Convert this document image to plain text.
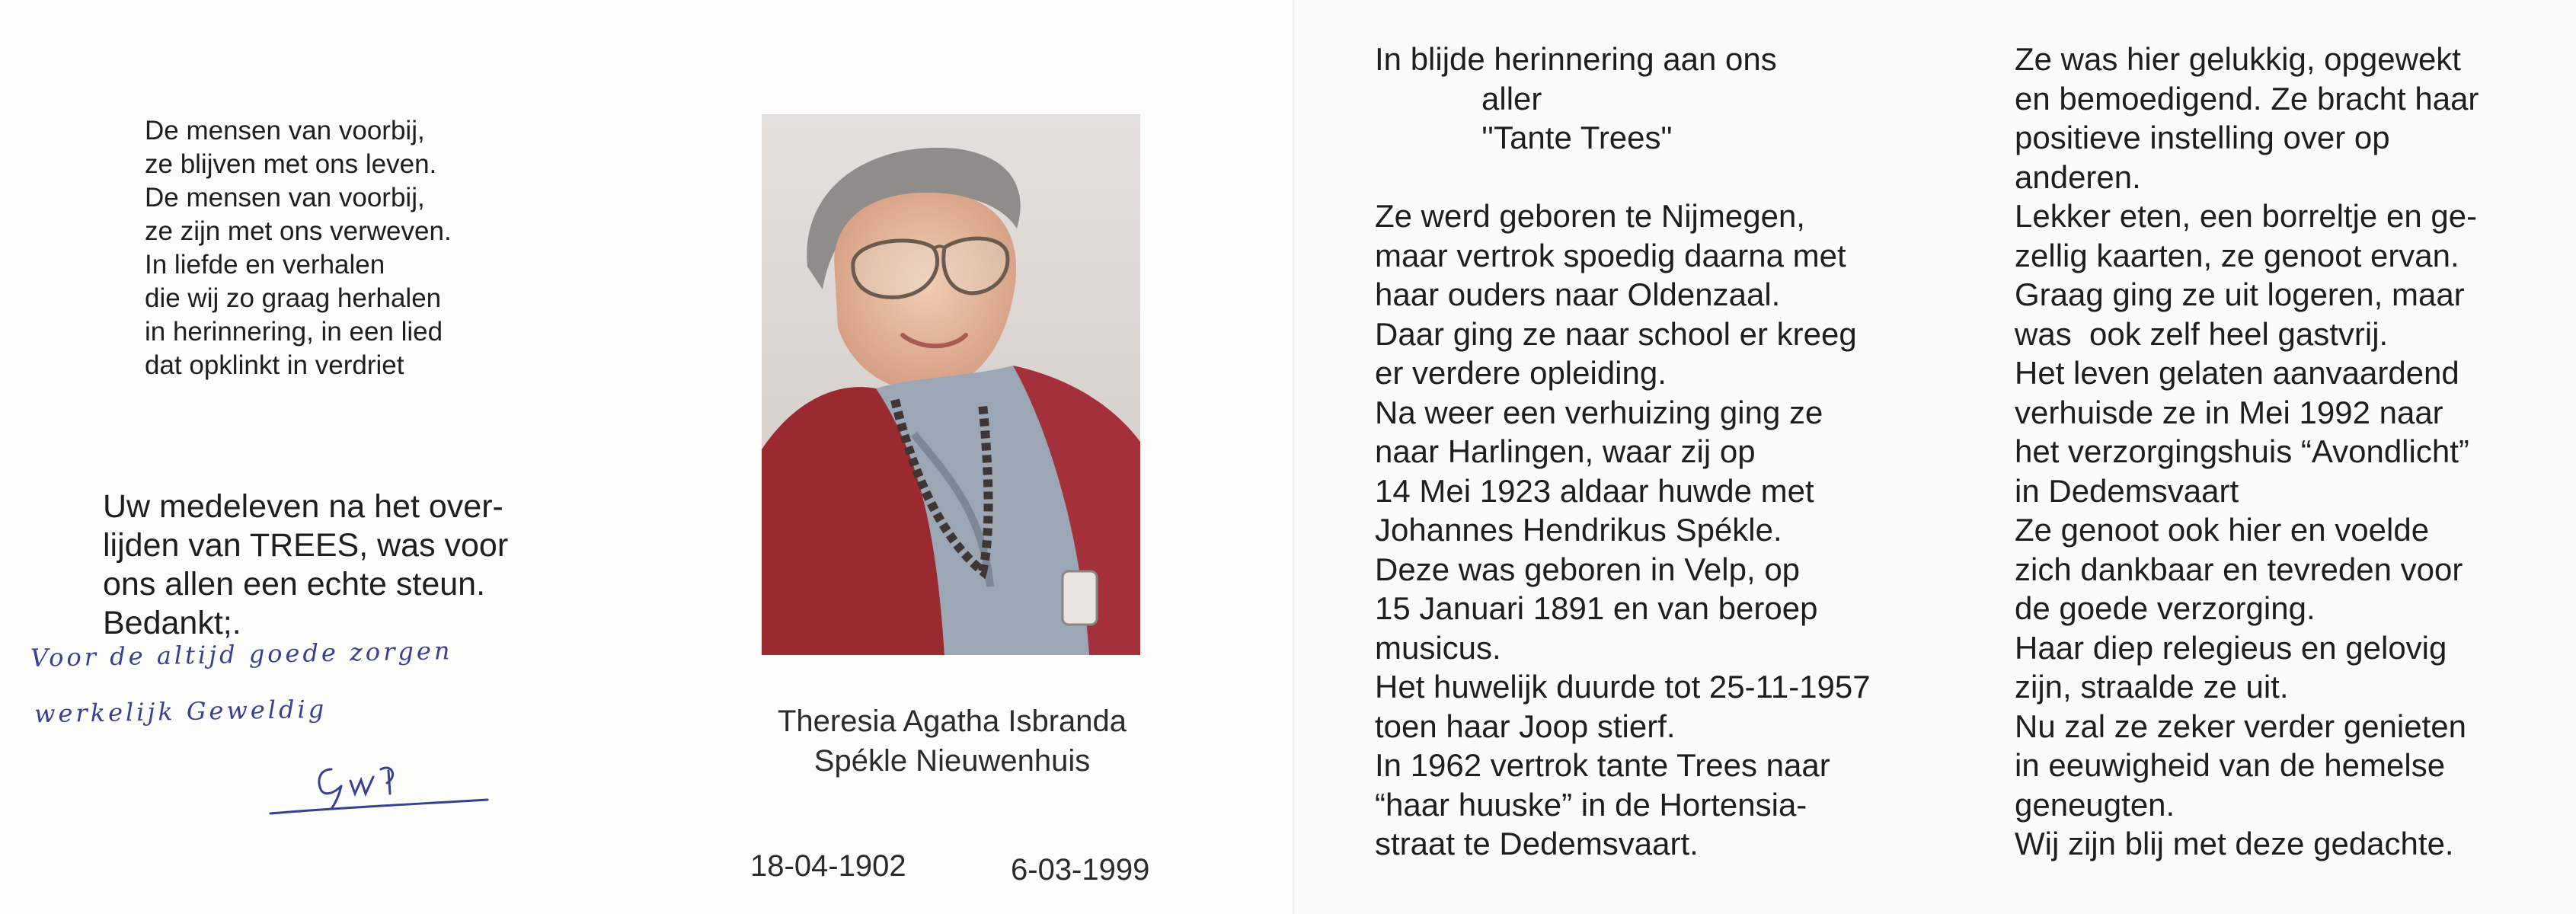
De mensen van voorbij,
ze blijven met ons leven.
De mensen van voorbij,
ze zijn met ons verweven.
In liefde en verhalen
die wij zo graag herhalen
in herinnering, in een lied
dat opklinkt in verdriet
Uw medeleven na het over-
lijden van TREES, was voor
ons allen een echte steun.
Bedankt;.
Voor de altijd goede zorgen
werkelijk Geweldig	Theresia Agatha Isbranda
Spékle Nieuwenhuis
18-04-1902	6-03-1999
In blijde herinnering aan ons
aller
''Tante Trees"

Ze werd geboren te Nijmegen,
maar vertrok spoedig daarna met
haar ouders naar Oldenzaal.
Daar ging ze naar school er kreeg
er verdere opleiding.
Na weer een verhuizing ging ze
naar Harlingen, waar zij op
14 Mei 1923 aldaar huwde met
Johannes Hendrikus Spékle.
Deze was geboren in Velp, op
15 Januari 1891 en van beroep
musicus.
Het huwelijk duurde tot 25-11-1957
toen haar Joop stierf.
In 1962 vertrok tante Trees naar
“haar huuske” in de Hortensia-
straat te Dedemsvaart.
Ze was hier gelukkig, opgewekt
en bemoedigend. Ze bracht haar
positieve instelling over op
anderen.
Lekker eten, een borreltje en ge-
zellig kaarten, ze genoot ervan.
Graag ging ze uit logeren, maar
was  ook zelf heel gastvrij.
Het leven gelaten aanvaardend
verhuisde ze in Mei 1992 naar
het verzorgingshuis “Avondlicht”
in Dedemsvaart
Ze genoot ook hier en voelde
zich dankbaar en tevreden voor
de goede verzorging.
Haar diep relegieus en gelovig
zijn, straalde ze uit.
Nu zal ze zeker verder genieten
in eeuwigheid van de hemelse
geneugten.
Wij zijn blij met deze gedachte.
